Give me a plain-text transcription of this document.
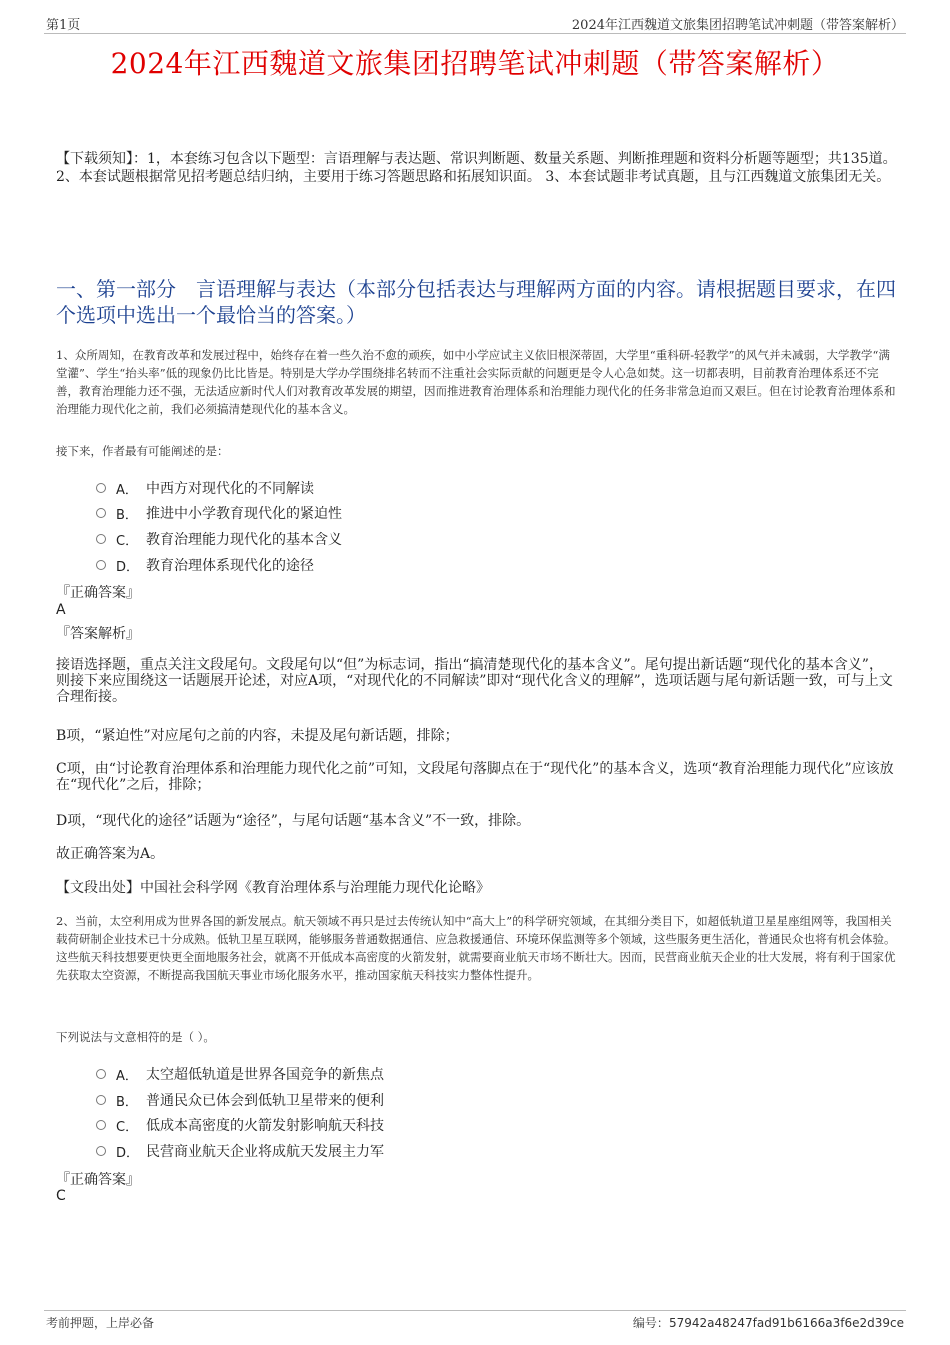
第1页	2024年江西魏道文旅集团招聘笔试冲刺题（带答案解析）
2024年江西魏道文旅集团招聘笔试冲刺题（带答案解析）
【下载须知】：1，本套练习包含以下题型：言语理解与表达题、常识判断题、数量关系题、判断推理题和资料分析题等题型；共135道。 2、本套试题根据常见招考题总结归纳，主要用于练习答题思路和拓展知识面。 3、本套试题非考试真题，且与江西魏道文旅集团无关。
一、第一部分　言语理解与表达（本部分包括表达与理解两方面的内容。请根据题目要求，在四个选项中选出一个最恰当的答案。）
1、众所周知，在教育改革和发展过程中，始终存在着一些久治不愈的顽疾，如中小学应试主义依旧根深蒂固，大学里“重科研-轻教学”的风气并未减弱，大学教学“满堂灌”、学生“抬头率”低的现象仍比比皆是。特别是大学办学围绕排名转而不注重社会实际贡献的问题更是令人心急如焚。这一切都表明，目前教育治理体系还不完善，教育治理能力还不强，无法适应新时代人们对教育改革发展的期望，因而推进教育治理体系和治理能力现代化的任务非常急迫而又艰巨。但在讨论教育治理体系和治理能力现代化之前，我们必须搞清楚现代化的基本含义。
接下来，作者最有可能阐述的是：
A． 中西方对现代化的不同解读
B． 推进中小学教育现代化的紧迫性
C． 教育治理能力现代化的基本含义
D． 教育治理体系现代化的途径
『正确答案』
A
『答案解析』
接语选择题，重点关注文段尾句。文段尾句以“但”为标志词，指出“搞清楚现代化的基本含义”。尾句提出新话题“现代化的基本含义”，则接下来应围绕这一话题展开论述，对应A项，“对现代化的不同解读”即对“现代化含义的理解”，选项话题与尾句新话题一致，可与上文合理衔接。
B项，“紧迫性”对应尾句之前的内容，未提及尾句新话题，排除；
C项，由“讨论教育治理体系和治理能力现代化之前”可知，文段尾句落脚点在于“现代化”的基本含义，选项“教育治理能力现代化”应该放在“现代化”之后，排除；
D项，“现代化的途径”话题为“途径”，与尾句话题“基本含义”不一致，排除。
故正确答案为A。
【文段出处】中国社会科学网《教育治理体系与治理能力现代化论略》
2、当前，太空利用成为世界各国的新发展点。航天领域不再只是过去传统认知中“高大上”的科学研究领域，在其细分类目下，如超低轨道卫星星座组网等，我国相关载荷研制企业技术已十分成熟。低轨卫星互联网，能够服务普通数据通信、应急救援通信、环境环保监测等多个领域，这些服务更生活化，普通民众也将有机会体验。这些航天科技想要更快更全面地服务社会，就离不开低成本高密度的火箭发射，就需要商业航天市场不断壮大。因而，民营商业航天企业的壮大发展，将有利于国家优先获取太空资源，不断提高我国航天事业市场化服务水平，推动国家航天科技实力整体性提升。
下列说法与文意相符的是（ ）。
A． 太空超低轨道是世界各国竞争的新焦点
B． 普通民众已体会到低轨卫星带来的便利
C． 低成本高密度的火箭发射影响航天科技
D． 民营商业航天企业将成航天发展主力军
『正确答案』
C
考前押题，上岸必备	编号：57942a48247fad91b6166a3f6e2d39ce
